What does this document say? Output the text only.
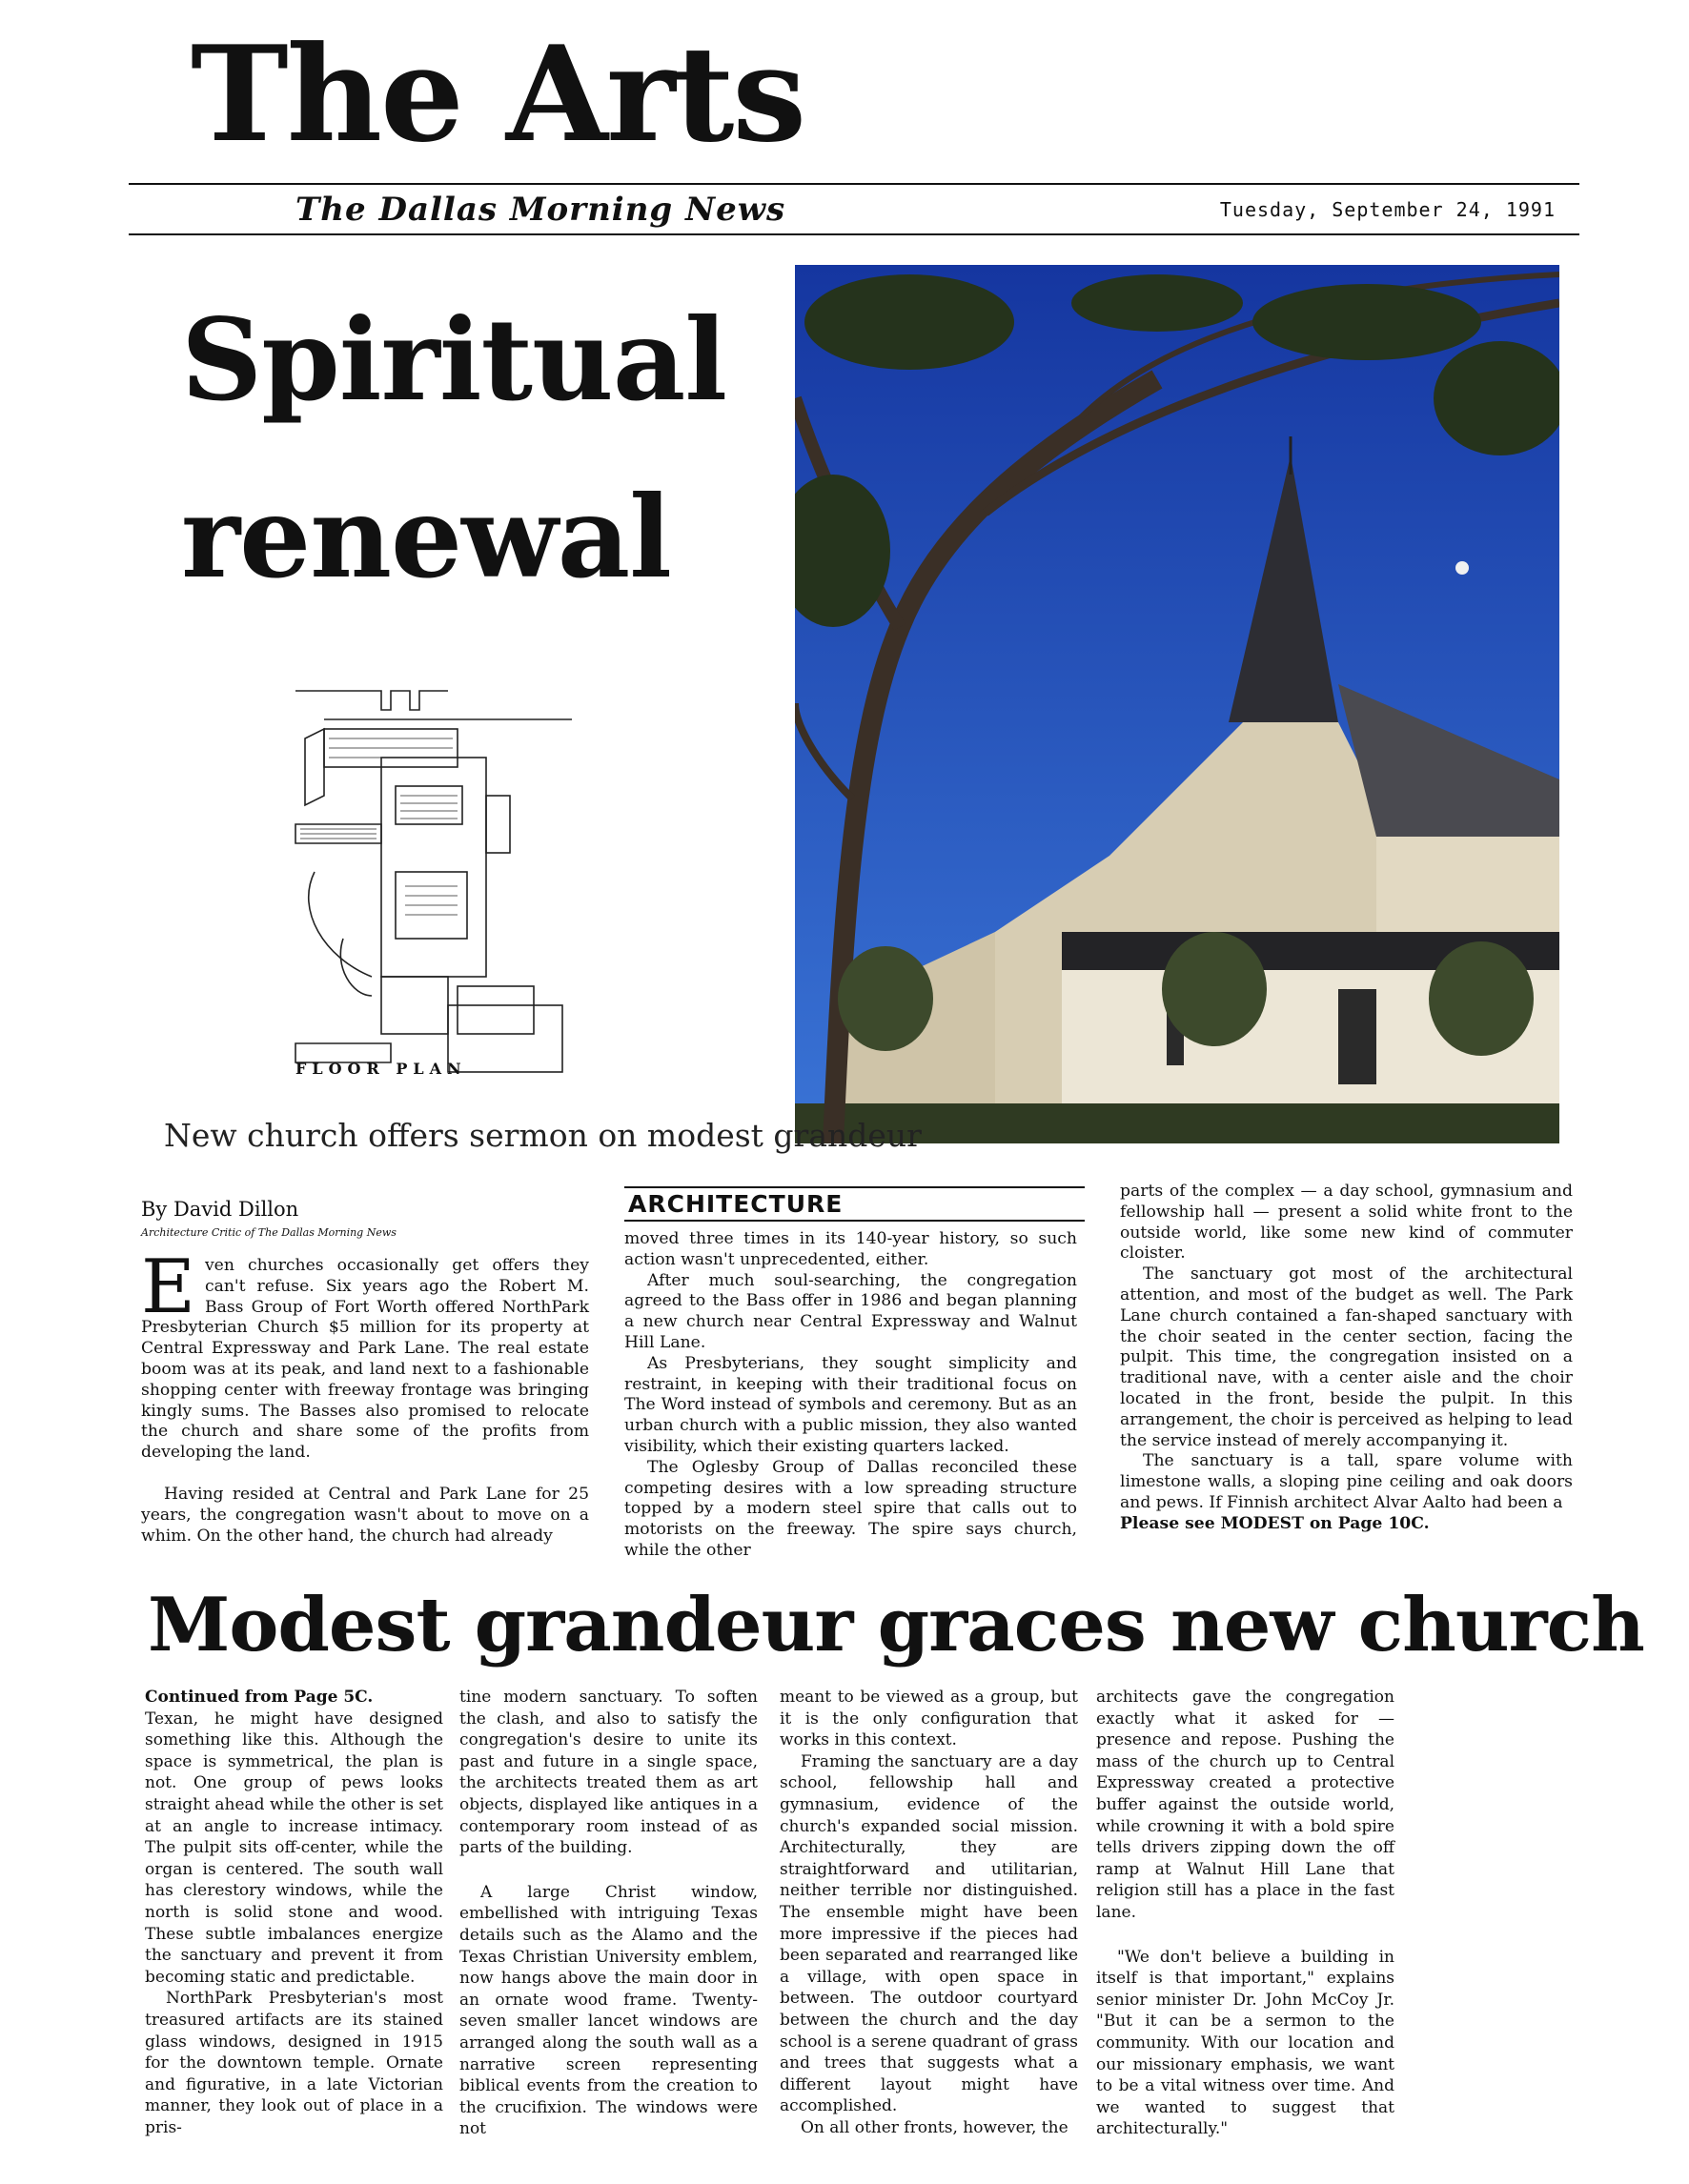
The Arts
The Dallas Morning News	Tuesday, September 24, 1991
Spiritual
renewal
FLOOR PLAN
New church offers sermon on modest grandeur
By David Dillon
Architecture Critic of The Dallas Morning News
ARCHITECTURE

Even churches occasionally get offers they can't refuse. Six years ago the Robert M. Bass Group of Fort Worth offered NorthPark Presbyterian Church $5 million for its property at Central Expressway and Park Lane. The real estate boom was at its peak, and land next to a fashionable shopping center with freeway frontage was bringing kingly sums. The Basses also promised to relocate the church and share some of the profits from developing the land.

Having resided at Central and Park Lane for 25 years, the congregation wasn't about to move on a whim. On the other hand, the church had already

moved three times in its 140-year history, so such action wasn't unprecedented, either.

After much soul-searching, the congregation agreed to the Bass offer in 1986 and began planning a new church near Central Expressway and Walnut Hill Lane.

As Presbyterians, they sought simplicity and restraint, in keeping with their traditional focus on The Word instead of symbols and ceremony. But as an urban church with a public mission, they also wanted visibility, which their existing quarters lacked.

The Oglesby Group of Dallas reconciled these competing desires with a low spreading structure topped by a modern steel spire that calls out to motorists on the freeway. The spire says church, while the other

parts of the complex — a day school, gymnasium and fellowship hall — present a solid white front to the outside world, like some new kind of commuter cloister.

The sanctuary got most of the architectural attention, and most of the budget as well. The Park Lane church contained a fan-shaped sanctuary with the choir seated in the center section, facing the pulpit. This time, the congregation insisted on a traditional nave, with a center aisle and the choir located in the front, beside the pulpit. In this arrangement, the choir is perceived as helping to lead the service instead of merely accompanying it.

The sanctuary is a tall, spare volume with limestone walls, a sloping pine ceiling and oak doors and pews. If Finnish architect Alvar Aalto had been a

Please see MODEST on Page 10C.

Modest grandeur graces new church

Continued from Page 5C.

Texan, he might have designed something like this. Although the space is symmetrical, the plan is not. One group of pews looks straight ahead while the other is set at an angle to increase intimacy. The pulpit sits off-center, while the organ is centered. The south wall has clerestory windows, while the north is solid stone and wood. These subtle imbalances energize the sanctuary and prevent it from becoming static and predictable.

NorthPark Presbyterian's most treasured artifacts are its stained glass windows, designed in 1915 for the downtown temple. Ornate and figurative, in a late Victorian manner, they look out of place in a pris-

tine modern sanctuary. To soften the clash, and also to satisfy the congregation's desire to unite its past and future in a single space, the architects treated them as art objects, displayed like antiques in a contemporary room instead of as parts of the building.

A large Christ window, embellished with intriguing Texas details such as the Alamo and the Texas Christian University emblem, now hangs above the main door in an ornate wood frame. Twenty-seven smaller lancet windows are arranged along the south wall as a narrative screen representing biblical events from the creation to the crucifixion. The windows were not

meant to be viewed as a group, but it is the only configuration that works in this context.

Framing the sanctuary are a day school, fellowship hall and gymnasium, evidence of the church's expanded social mission. Architecturally, they are straightforward and utilitarian, neither terrible nor distinguished. The ensemble might have been more impressive if the pieces had been separated and rearranged like a village, with open space in between. The outdoor courtyard between the church and the day school is a serene quadrant of grass and trees that suggests what a different layout might have accomplished.

On all other fronts, however, the

architects gave the congregation exactly what it asked for — presence and repose. Pushing the mass of the church up to Central Expressway created a protective buffer against the outside world, while crowning it with a bold spire tells drivers zipping down the off ramp at Walnut Hill Lane that religion still has a place in the fast lane.

"We don't believe a building in itself is that important," explains senior minister Dr. John McCoy Jr. "But it can be a sermon to the community. With our location and our missionary emphasis, we want to be a vital witness over time. And we wanted to suggest that architecturally."
